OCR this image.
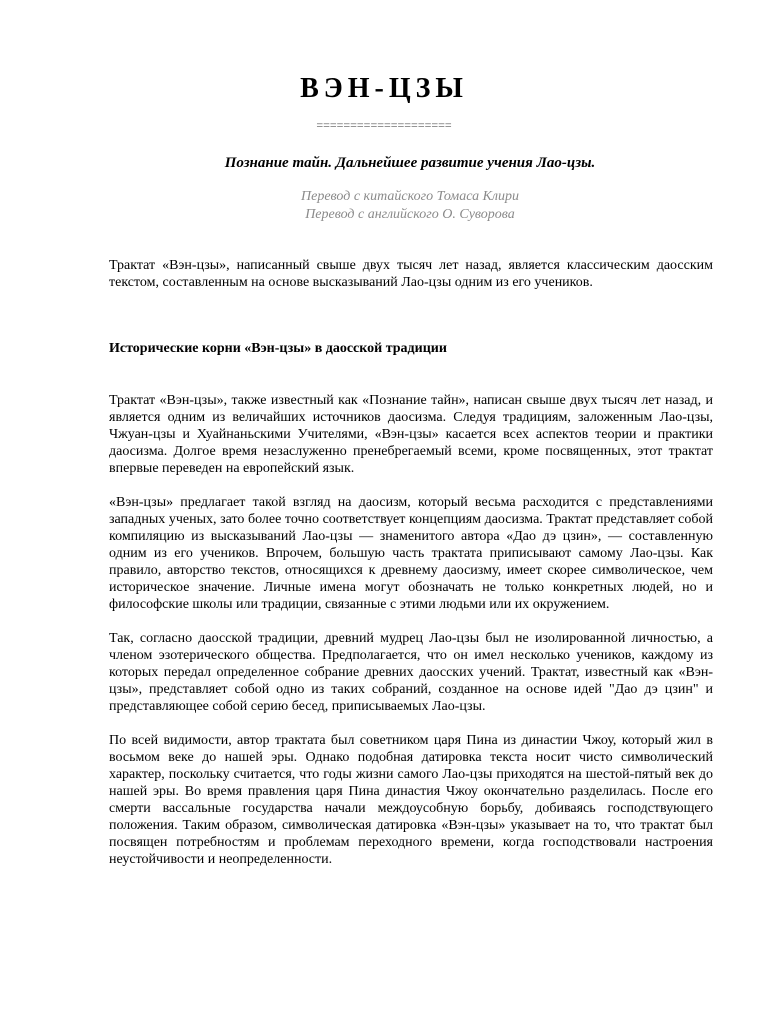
ВЭН-ЦЗЫ
====================
Познание тайн. Дальнейшее развитие учения Лао-цзы.
Перевод с китайского Томаса Клири
Перевод с английского О. Суворова
Трактат «Вэн-цзы», написанный свыше двух тысяч лет назад, является классическим даосским текстом, составленным на основе высказываний Лао-цзы одним из его учеников.
Исторические корни «Вэн-цзы» в даосской традиции

Трактат «Вэн-цзы», также известный как «Познание тайн», написан свыше двух тысяч лет назад, и является одним из величайших источников даосизма. Следуя традициям, заложенным Лао-цзы, Чжуан-цзы и Хуайнаньскими Учителями, «Вэн-цзы» касается всех аспектов теории и практики даосизма. Долгое время незаслуженно пренебрегаемый всеми, кроме посвященных, этот трактат впервые переведен на европейский язык.

«Вэн-цзы» предлагает такой взгляд на даосизм, который весьма расходится с представлениями западных ученых, зато более точно соответствует концепциям даосизма. Трактат представляет собой компиляцию из высказываний Лао-цзы — знаменитого автора «Дао дэ цзин», — составленную одним из его учеников. Впрочем, большую часть трактата приписывают самому Лао-цзы. Как правило, авторство текстов, относящихся к древнему даосизму, имеет скорее символическое, чем историческое значение. Личные имена могут обозначать не только конкретных людей, но и философские школы или традиции, связанные с этими людьми или их окружением.

Так, согласно даосской традиции, древний мудрец Лао-цзы был не изолированной личностью, а членом эзотерического общества. Предполагается, что он имел несколько учеников, каждому из которых передал определенное собрание древних даосских учений. Трактат, известный как «Вэн-цзы», представляет собой одно из таких собраний, созданное на основе идей "Дао дэ цзин" и представляющее собой серию бесед, приписываемых Лао-цзы.

По всей видимости, автор трактата был советником царя Пина из династии Чжоу, который жил в восьмом веке до нашей эры. Однако подобная датировка текста носит чисто символический характер, поскольку считается, что годы жизни самого Лао-цзы приходятся на шестой-пятый век до нашей эры. Во время правления царя Пина династия Чжоу окончательно разделилась. После его смерти вассальные государства начали междоусобную борьбу, добиваясь господствующего положения. Таким образом, символическая датировка «Вэн-цзы» указывает на то, что трактат был посвящен потребностям и проблемам переходного времени, когда господствовали настроения неустойчивости и неопределенности.
